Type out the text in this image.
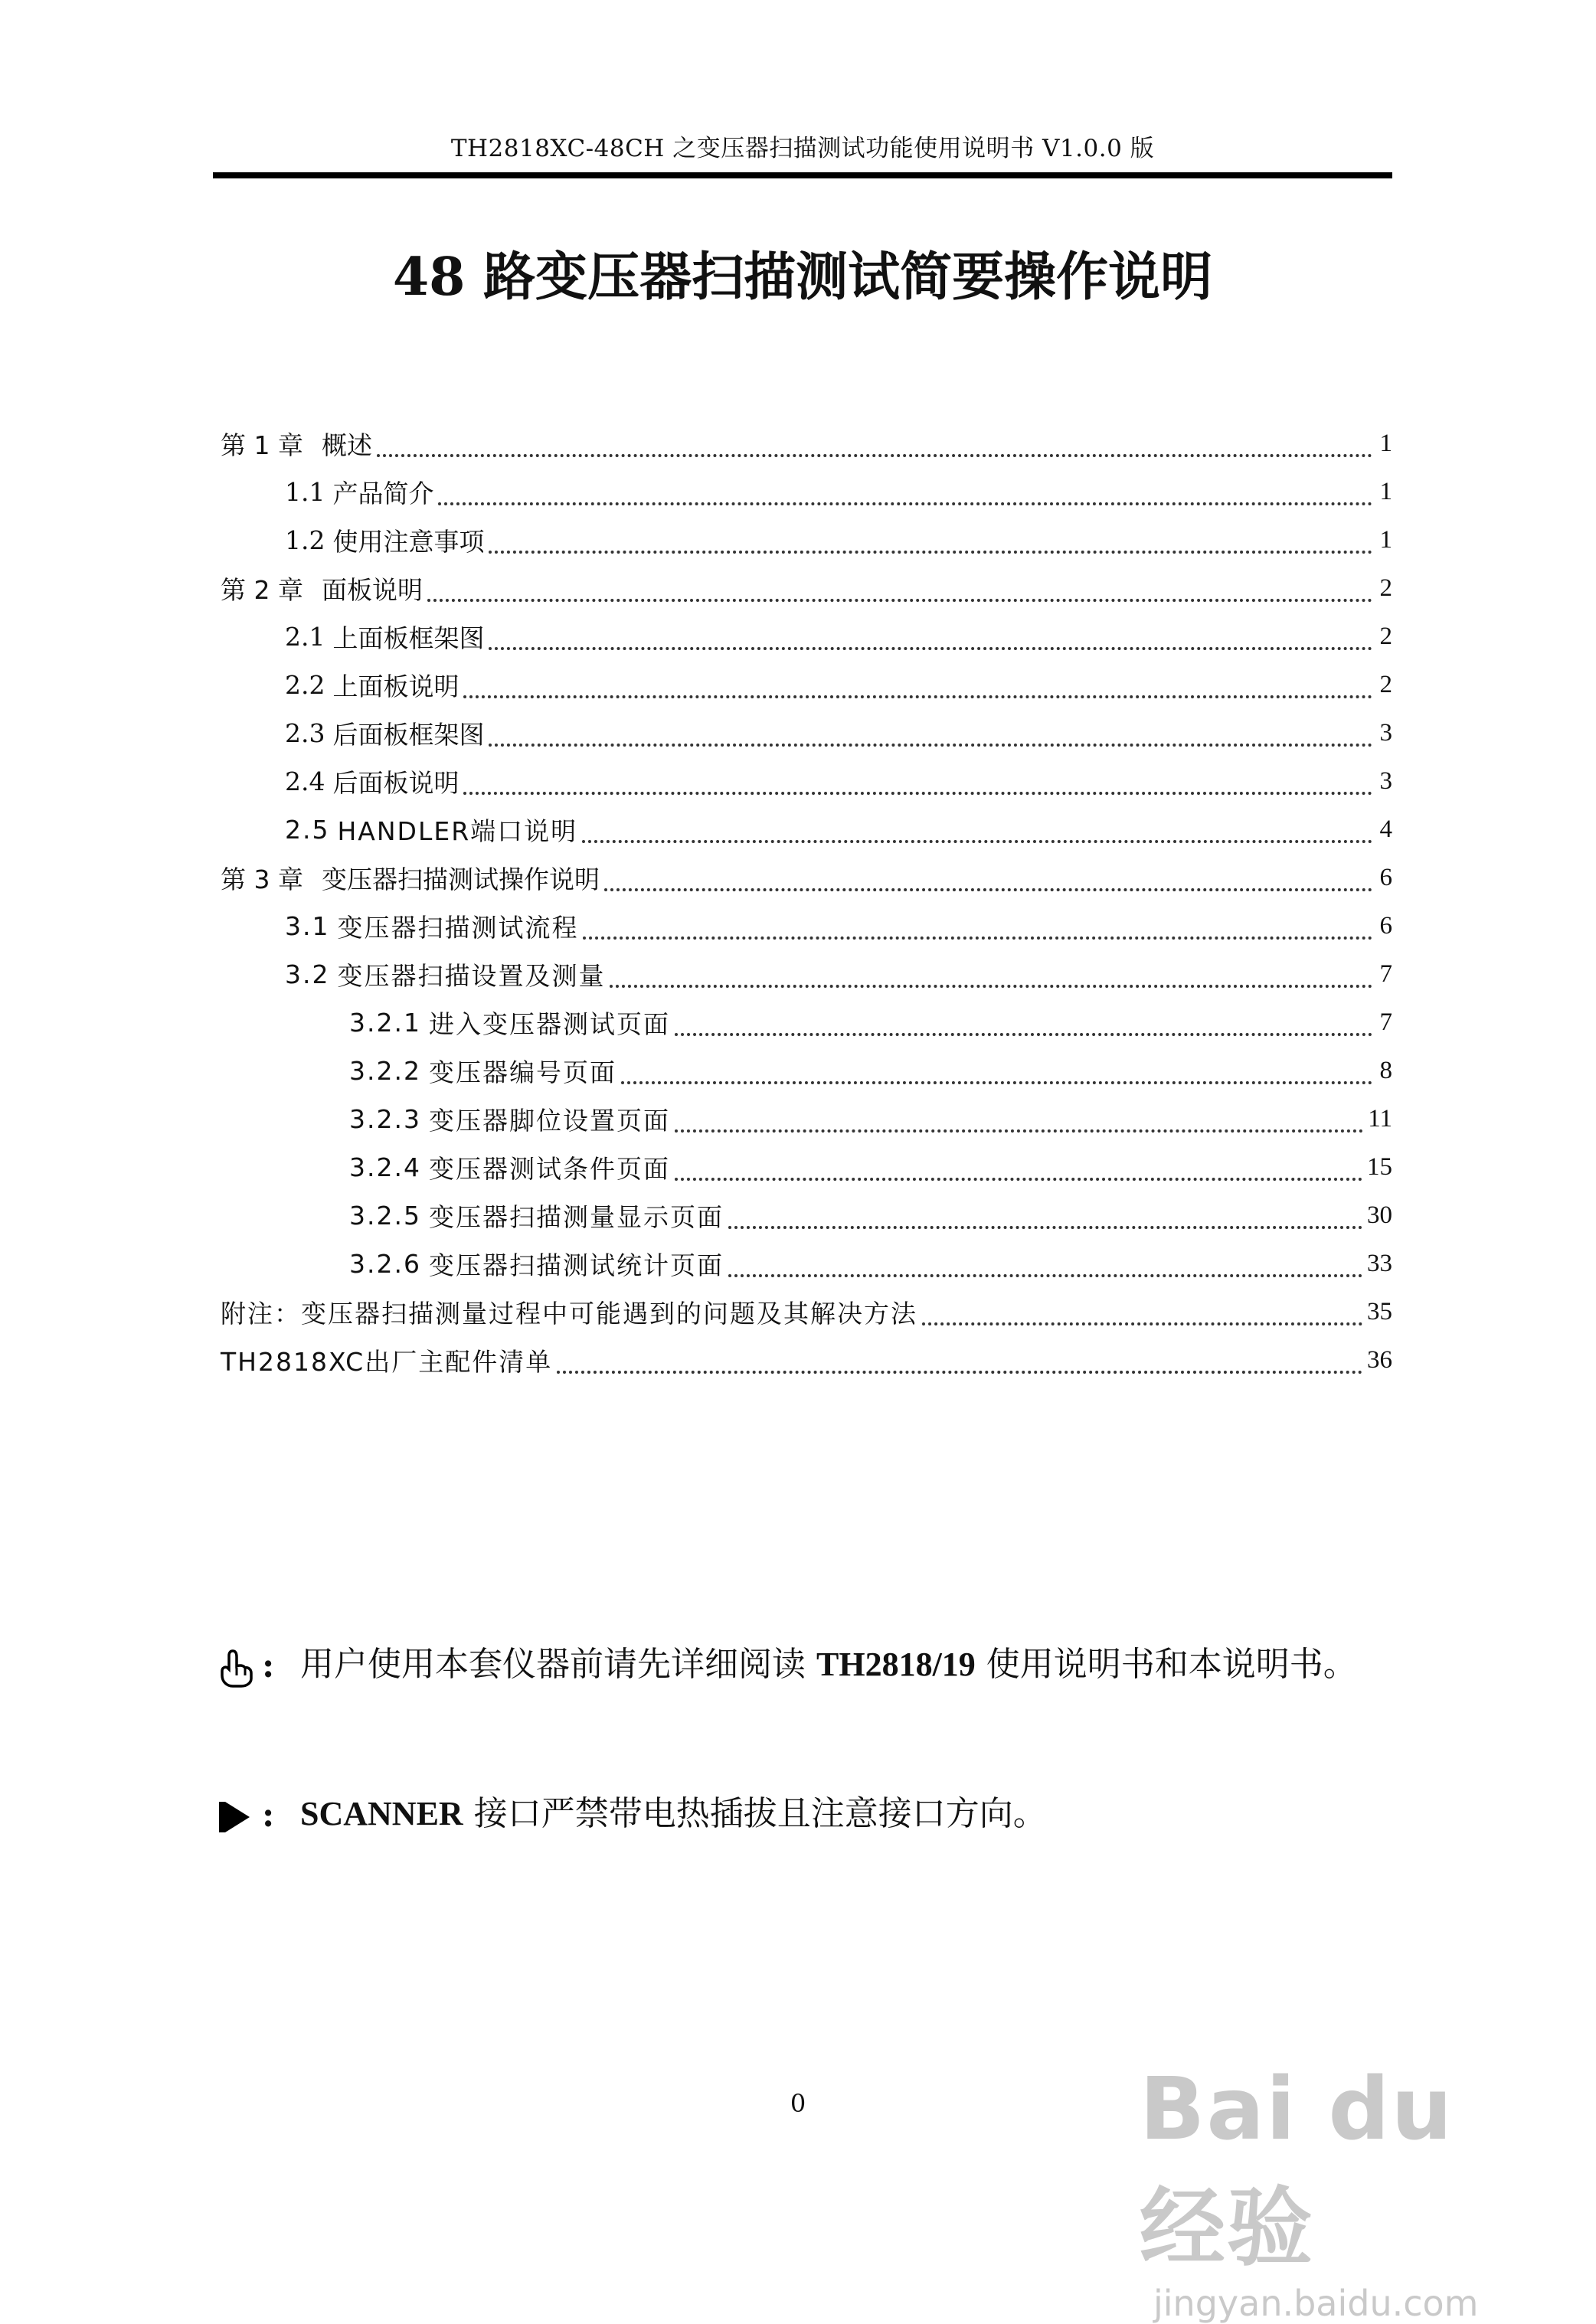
TH2818XC-48CH 之变压器扫描测试功能使用说明书 V1.0.0 版
48 路变压器扫描测试简要操作说明
第 1 章 概述	1
1.1 产品简介	1
1.2 使用注意事项	1
第 2 章 面板说明	2
2.1 上面板框架图	2
2.2 上面板说明	2
2.3 后面板框架图	3
2.4 后面板说明	3
2.5 HANDLER端口说明	4
第 3 章 变压器扫描测试操作说明	6
3.1 变压器扫描测试流程	6
3.2 变压器扫描设置及测量	7
3.2.1 进入变压器测试页面	7
3.2.2 变压器编号页面	8
3.2.3 变压器脚位设置页面	11
3.2.4 变压器测试条件页面	15
3.2.5 变压器扫描测量显示页面	30
3.2.6 变压器扫描测试统计页面	33
附注：变压器扫描测量过程中可能遇到的问题及其解决方法	35
TH2818XC出厂主配件清单	36
: 用户使用本套仪器前请先详细阅读 TH2818/19 使用说明书和本说明书。
: SCANNER 接口严禁带电热插拔且注意接口方向。
0	Bai du 经验
jingyan.baidu.com
